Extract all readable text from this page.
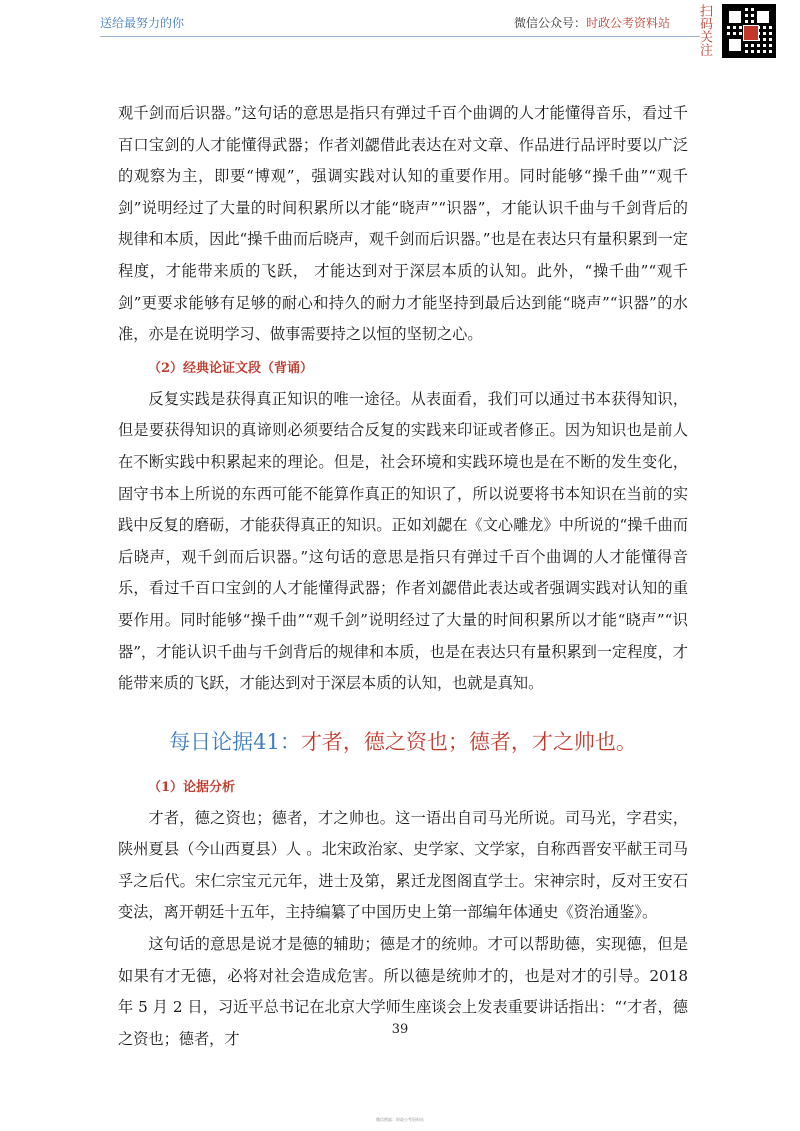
送给最努力的你	微信公众号：时政公考资料站 扫码关注

观千剑而后识器。”这句话的意思是指只有弹过千百个曲调的人才能懂得音乐，看过千百口宝剑的人才能懂得武器；作者刘勰借此表达在对文章、作品进行品评时要以广泛的观察为主，即要“博观”，强调实践对认知的重要作用。同时能够“操千曲”“观千剑”说明经过了大量的时间积累所以才能“晓声”“识器”，才能认识千曲与千剑背后的规律和本质，因此“操千曲而后晓声，观千剑而后识器。”也是在表达只有量积累到一定程度，才能带来质的飞跃， 才能达到对于深层本质的认知。此外，“操千曲”“观千剑”更要求能够有足够的耐心和持久的耐力才能坚持到最后达到能“晓声”“识器”的水准，亦是在说明学习、做事需要持之以恒的坚韧之心。

（2）经典论证文段（背诵）

反复实践是获得真正知识的唯一途径。从表面看，我们可以通过书本获得知识，但是要获得知识的真谛则必须要结合反复的实践来印证或者修正。因为知识也是前人在不断实践中积累起来的理论。但是，社会环境和实践环境也是在不断的发生变化，固守书本上所说的东西可能不能算作真正的知识了，所以说要将书本知识在当前的实践中反复的磨砺，才能获得真正的知识。正如刘勰在《文心雕龙》中所说的“操千曲而后晓声，观千剑而后识器。”这句话的意思是指只有弹过千百个曲调的人才能懂得音乐，看过千百口宝剑的人才能懂得武器；作者刘勰借此表达或者强调实践对认知的重要作用。同时能够“操千曲”“观千剑”说明经过了大量的时间积累所以才能“晓声”“识器”，才能认识千曲与千剑背后的规律和本质，也是在表达只有量积累到一定程度，才能带来质的飞跃，才能达到对于深层本质的认知，也就是真知。

每日论据41：才者，德之资也；德者，才之帅也。
（1）论据分析

才者，德之资也；德者，才之帅也。这一语出自司马光所说。司马光，字君实，陕州夏县（今山西夏县）人 。北宋政治家、史学家、文学家，自称西晋安平献王司马孚之后代。宋仁宗宝元元年，进士及第，累迁龙图阁直学士。宋神宗时，反对王安石变法，离开朝廷十五年，主持编纂了中国历史上第一部编年体通史《资治通鉴》。

这句话的意思是说才是德的辅助；德是才的统帅。才可以帮助德，实现德，但是如果有才无德，必将对社会造成危害。所以德是统帅才的，也是对才的引导。2018 年 5 月 2 日，习近平总书记在北京大学师生座谈会上发表重要讲话指出：“‘才者，德之资也；德者，才

39
微信搜索：时政公考资料站
